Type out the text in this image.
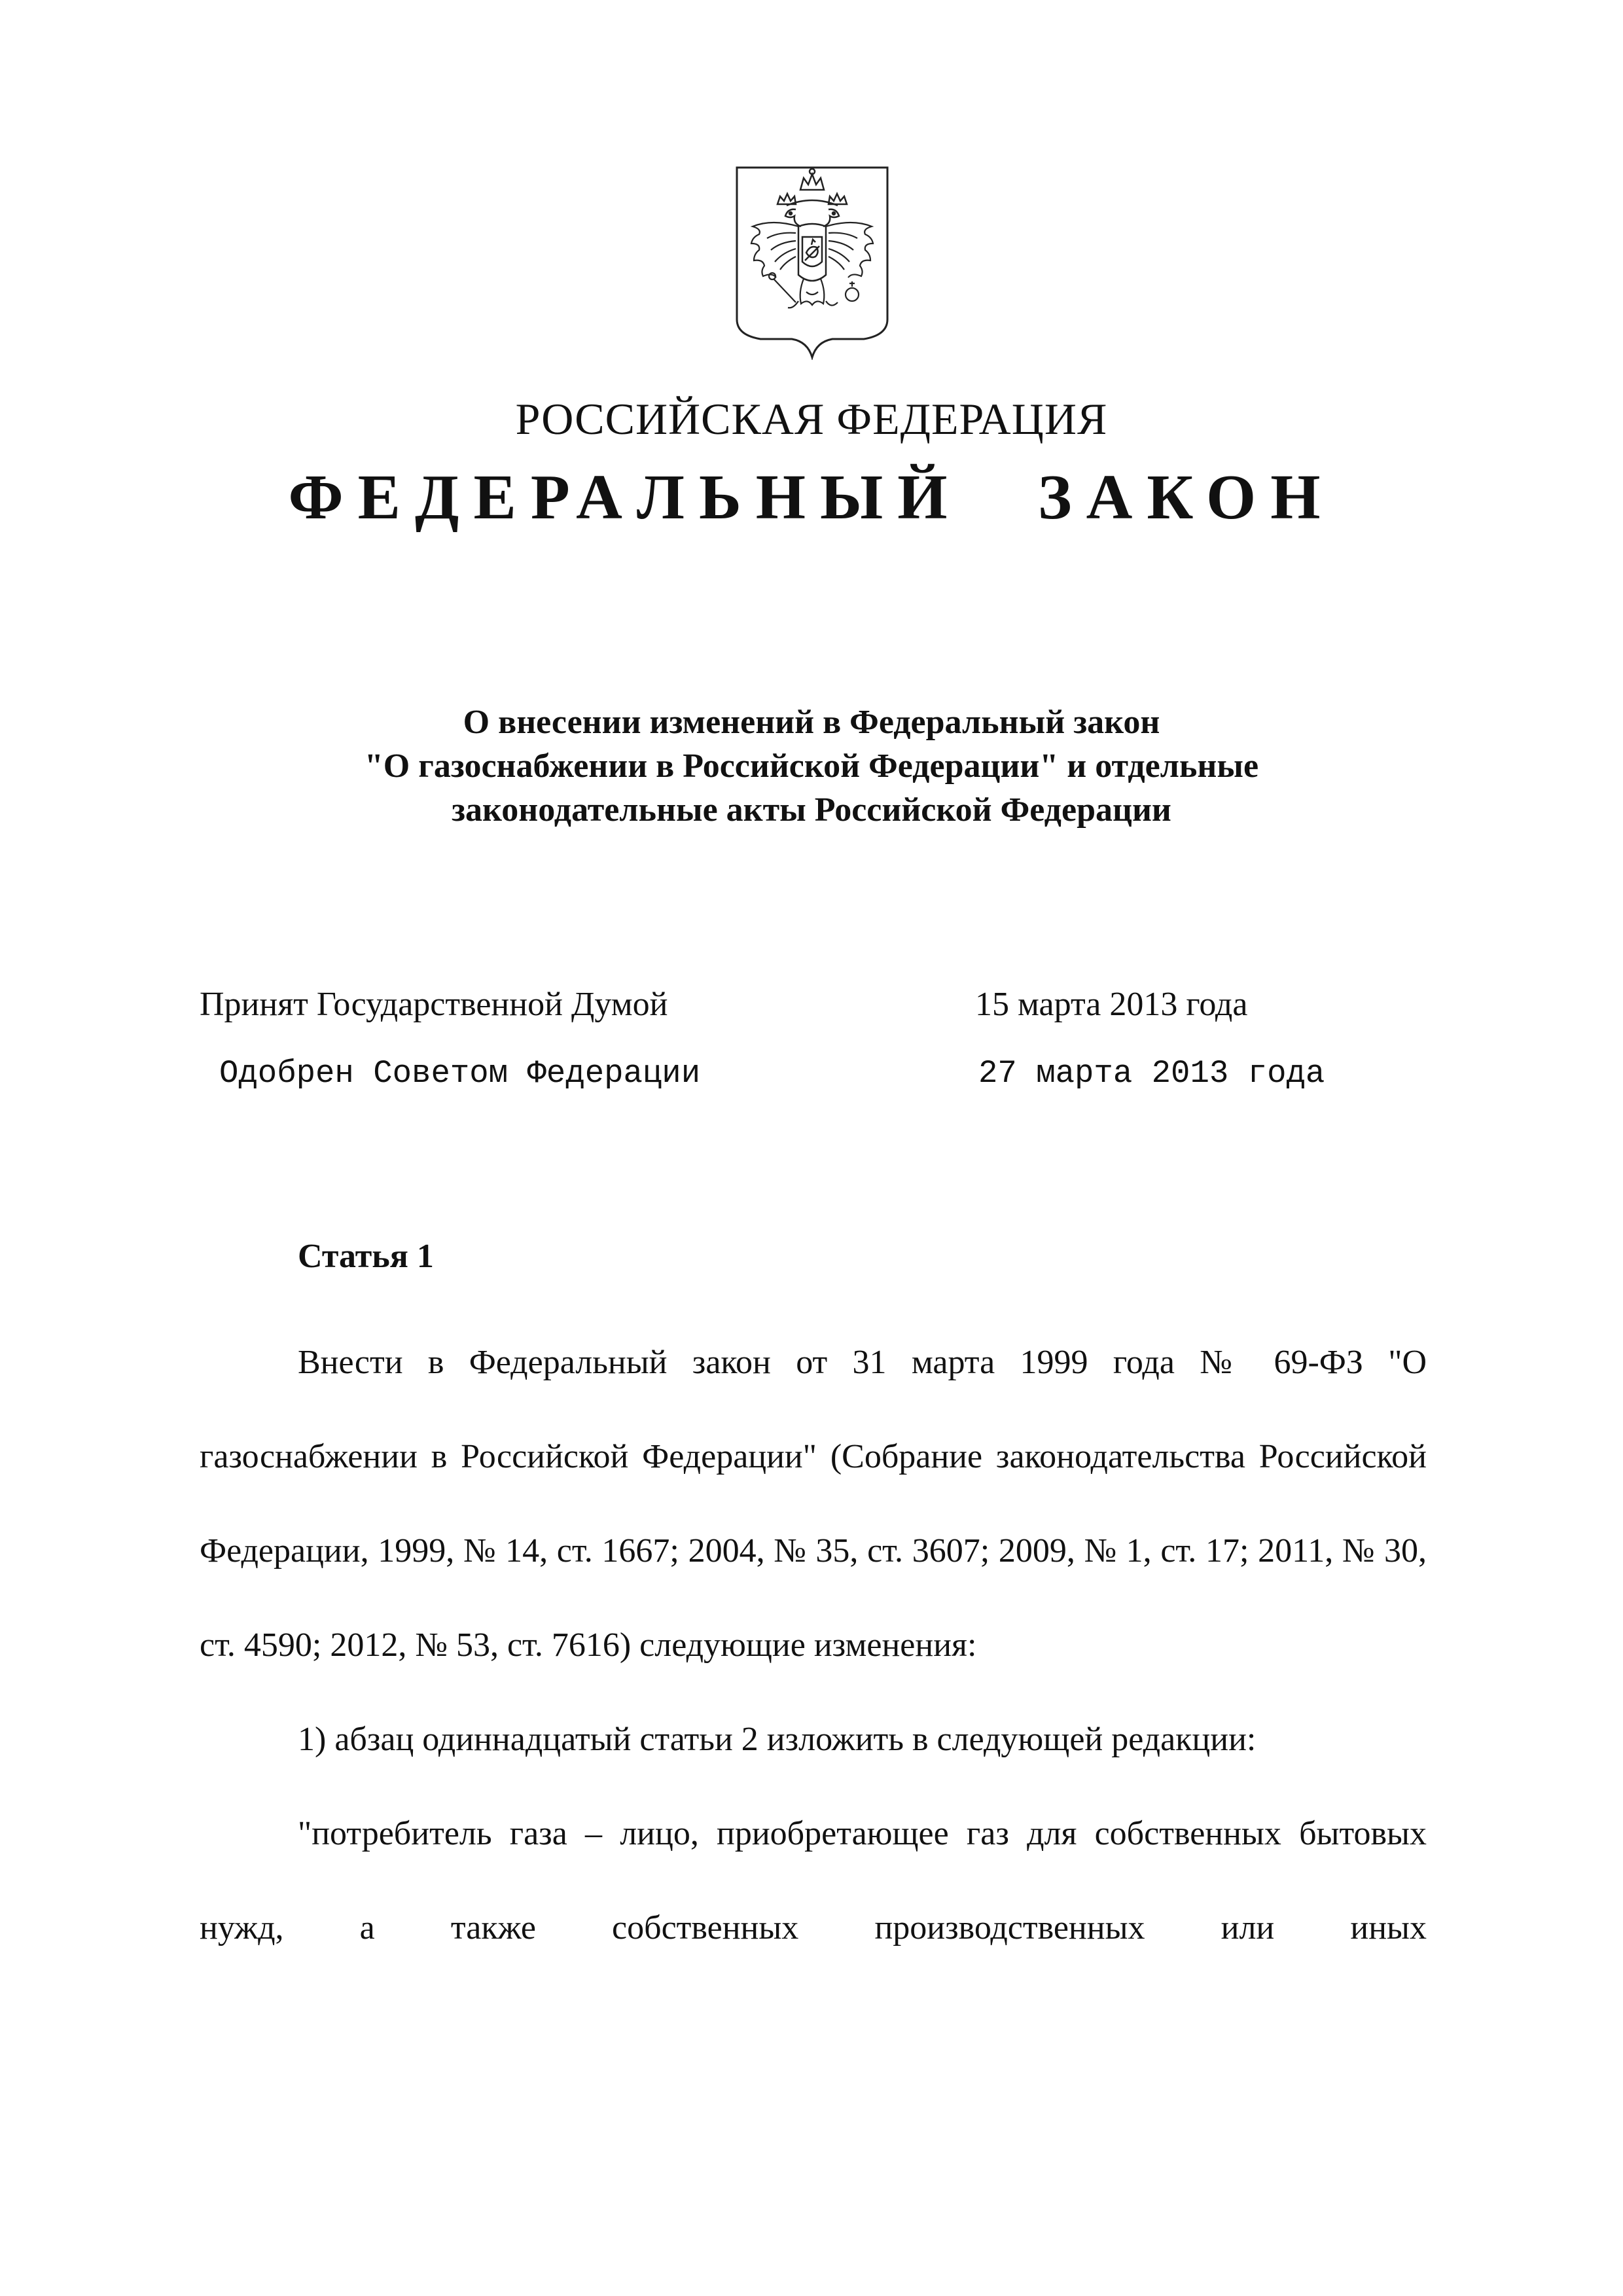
РОССИЙСКАЯ ФЕДЕРАЦИЯ
ФЕДЕРАЛЬНЫЙ ЗАКОН
О внесении изменений в Федеральный закон
"О газоснабжении в Российской Федерации" и отдельные
законодательные акты Российской Федерации
Принят Государственной Думой	15 марта 2013 года
Одобрен Советом Федерации	27 марта 2013 года
Статья 1

Внести в Федеральный закон от 31 марта 1999 года № 69-ФЗ "О газоснабжении в Российской Федерации" (Собрание законодательства Российской Федерации, 1999, № 14, ст. 1667; 2004, № 35, ст. 3607; 2009, № 1, ст. 17; 2011, № 30, ст. 4590; 2012, № 53, ст. 7616) следующие изменения:

1) абзац одиннадцатый статьи 2 изложить в следующей редакции:

"потребитель газа – лицо, приобретающее газ для собственных бытовых нужд, а также собственных производственных или иных
